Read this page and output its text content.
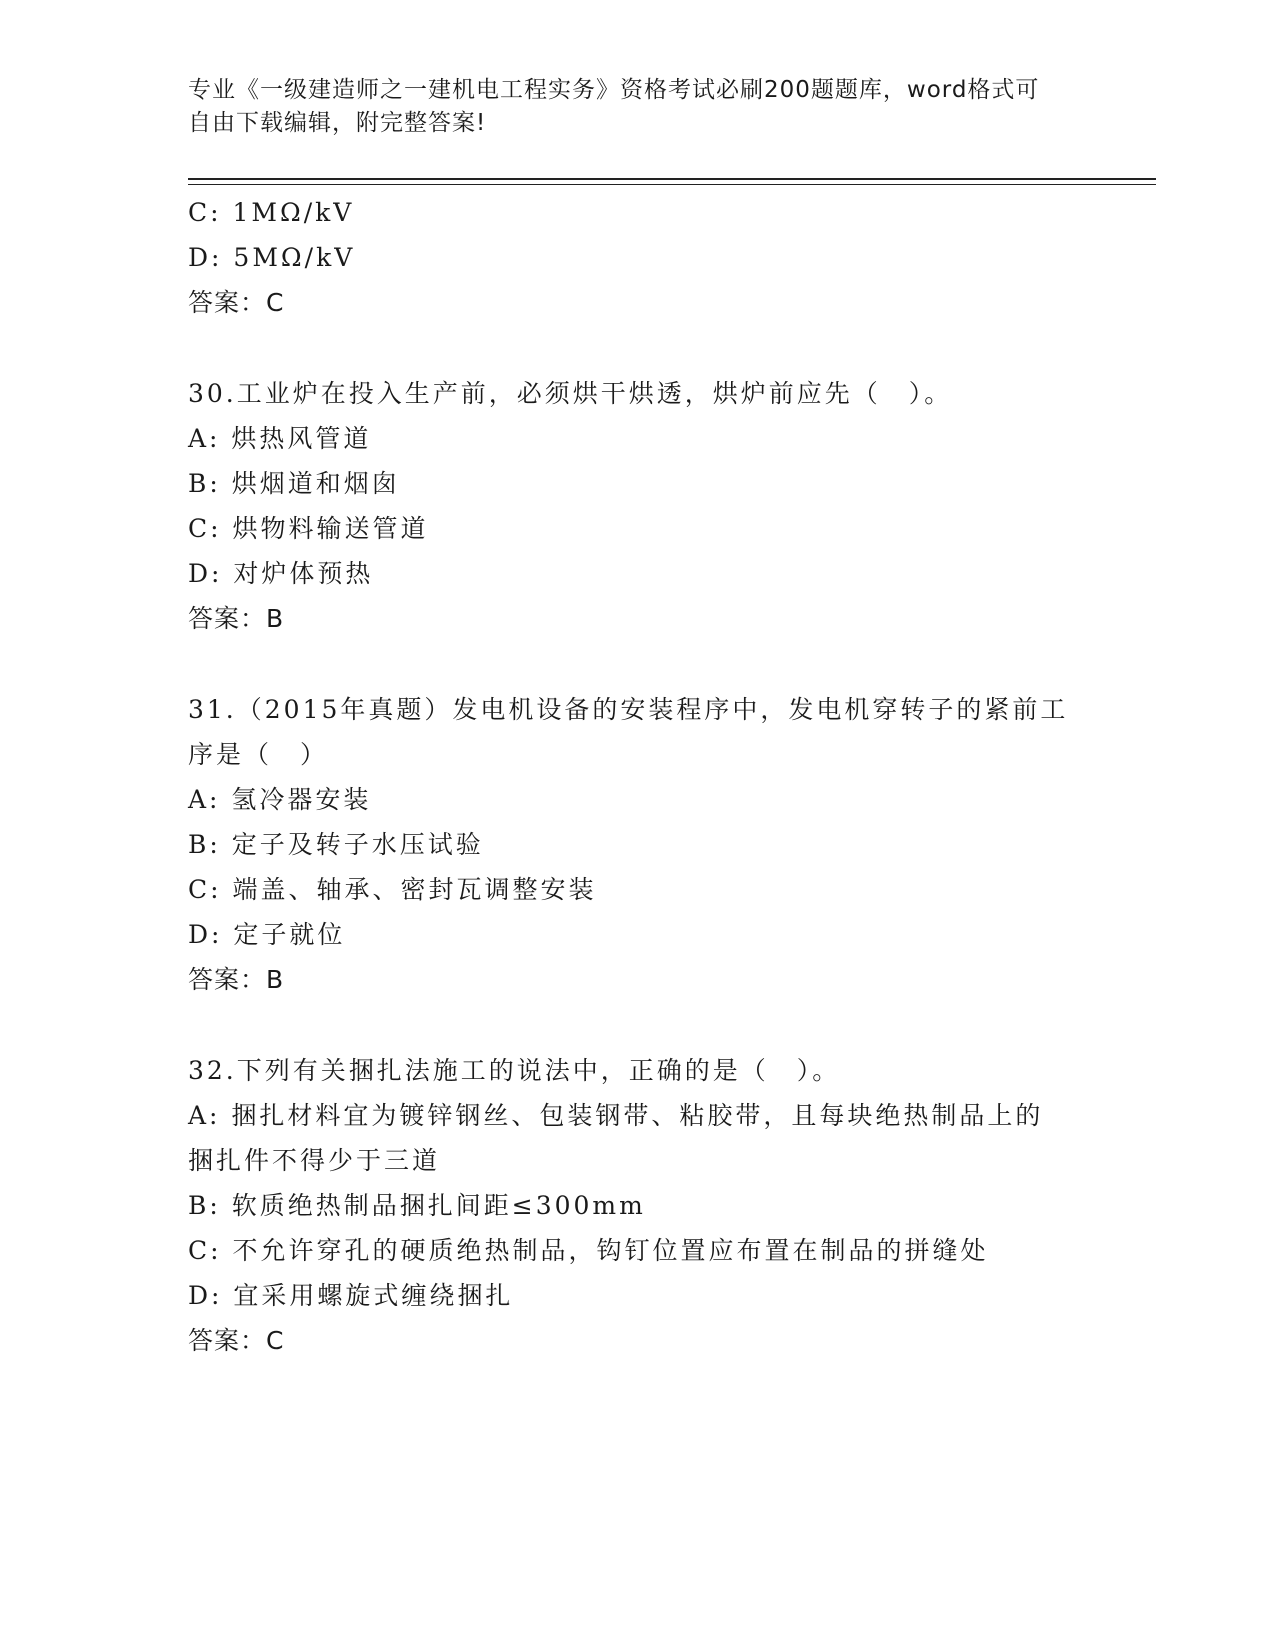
专业《一级建造师之一建机电工程实务》资格考试必刷200题题库，word格式可
自由下载编辑，附完整答案!
C: 1MΩ/kV
D: 5MΩ/kV
答案：C
30.工业炉在投入生产前，必须烘干烘透，烘炉前应先（　）。
A: 烘热风管道
B: 烘烟道和烟囱
C: 烘物料输送管道
D: 对炉体预热
答案：B
31.（2015年真题）发电机设备的安装程序中，发电机穿转子的紧前工
序是（　）
A: 氢冷器安装
B: 定子及转子水压试验
C: 端盖、轴承、密封瓦调整安装
D: 定子就位
答案：B
32.下列有关捆扎法施工的说法中，正确的是（　）。
A: 捆扎材料宜为镀锌钢丝、包装钢带、粘胶带，且每块绝热制品上的
捆扎件不得少于三道
B: 软质绝热制品捆扎间距≤300mm
C: 不允许穿孔的硬质绝热制品，钩钉位置应布置在制品的拼缝处
D: 宜采用螺旋式缠绕捆扎
答案：C
